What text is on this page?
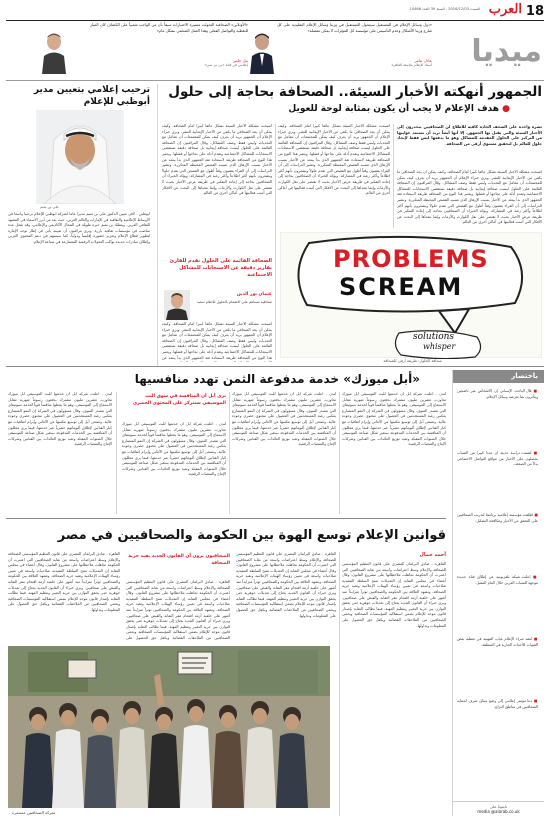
18
العرب
السبت 2016/12/03 - السنة 39 العدد 10466
ميديا
«دول وسائل الإعلام في المستقبل سيتحول المستقبل في وزينا وسائل الإعلام التقليدية على كل شارع وزينا الأشكال وعدم التأسيس على مؤسسة كل المؤثرات لا يمكن مفصلة»
عادل عامر
أستاذ الإعلام بجامعة القاهرة
«الأونلاين» الصحافية التحولت مسيرة الاختبارات سبقاً بأن من الواجب شعبياً على الكشاف كان الميار للتغطية والتواصل الفعلي وهذا العمل الصحفي بشكل عام»
بيل جلبير
إعلامي في قناة «بي بي سي»
الجمهور أنهكته الأخبار السيئة.. الصحافة بحاجة إلى حلول
● هدف الإعلام لا يجب أن يكون بمثابة لوحة للعويل
نشرة واحدة على الصحف الجادة كافية للاطلاع لن الصحافيين ينحدرون إلى الأخبار السيئة والتي يقبل بها الجمهور، إلا أنها أيضاً تريد أن تستمد غوايتها من التركيز على الحلول المقدمة للمشاكل وهو ما يدفعها ليس فقط لإيجاد حلول للعالم بل لتحقيق مستوى أرقى من الصحافة.
أصبحت مشكلة الأخبار السيئة تشكل عائقاً كبيراً أمام الصحافة، وكيف يمكن أن يجد الصحافي ما يكفي من الأخبار الإيجابية للنشر. ويرى خبراء الإعلام أن الجمهور يريد أن يعرف كيف يمكن للمجتمعات أن تتعامل مع التحديات وليس فقط وصف المشاكل. وقال المراقبون إن الصحافة القائمة على الحلول ليست صحافة إيجابية بل صحافة دقيقة تستقصي الاستجابات للمشاكل الاجتماعية وتقدم أدلة على نجاحها أو فشلها. ويعتبر هذا النوع من الصحافة طريقة لاستعادة ثقة الجمهور الذي بدأ يبتعد عن الأخبار بسبب الإرهاق الذي تسببه القصص المحبطة المتكررة. وتشير الدراسات إلى أن القراء يقضون وقتاً أطول مع القصص التي تقدم حلولاً ويشعرون بأنهم أكثر اطلاعاً وأكثر رغبة في المشاركة. ويؤكد الخبراء أن الصحافيين بحاجة إلى إعادة التفكير في طريقة عرض الأخبار بحيث لا تقتصر على نقل الكوارث والأزمات وإنما تتعداها إلى البحث عن الأفكار التي أثبتت فعاليتها في أماكن أخرى من العالم.
أصبحت مشكلة الأخبار السيئة تشكل عائقاً كبيراً أمام الصحافة، وكيف يمكن أن يجد الصحافي ما يكفي من الأخبار الإيجابية للنشر. ويرى خبراء الإعلام أن الجمهور يريد أن يعرف كيف يمكن للمجتمعات أن تتعامل مع التحديات وليس فقط وصف المشاكل. وقال المراقبون إن الصحافة القائمة على الحلول ليست صحافة إيجابية بل صحافة دقيقة تستقصي الاستجابات للمشاكل الاجتماعية وتقدم أدلة على نجاحها أو فشلها. ويعتبر هذا النوع من الصحافة طريقة لاستعادة ثقة الجمهور الذي بدأ يبتعد عن الأخبار بسبب الإرهاق الذي تسببه القصص المحبطة المتكررة. وتشير الدراسات إلى أن القراء يقضون وقتاً أطول مع القصص التي تقدم حلولاً ويشعرون بأنهم أكثر اطلاعاً وأكثر رغبة في المشاركة. ويؤكد الخبراء أن الصحافيين بحاجة إلى إعادة التفكير في طريقة عرض الأخبار بحيث لا تقتصر على نقل الكوارث والأزمات وإنما تتعداها إلى البحث عن الأفكار التي أثبتت فعاليتها في أماكن أخرى من العالم.
أصبحت مشكلة الأخبار السيئة تشكل عائقاً كبيراً أمام الصحافة، وكيف يمكن أن يجد الصحافي ما يكفي من الأخبار الإيجابية للنشر. ويرى خبراء الإعلام أن الجمهور يريد أن يعرف كيف يمكن للمجتمعات أن تتعامل مع التحديات وليس فقط وصف المشاكل. وقال المراقبون إن الصحافة القائمة على الحلول ليست صحافة إيجابية بل صحافة دقيقة تستقصي الاستجابات للمشاكل الاجتماعية وتقدم أدلة على نجاحها أو فشلها. ويعتبر هذا النوع من الصحافة طريقة لاستعادة ثقة الجمهور الذي بدأ يبتعد عن الأخبار بسبب الإرهاق الذي تسببه القصص المحبطة المتكررة. وتشير الدراسات إلى أن القراء يقضون وقتاً أطول مع القصص التي تقدم حلولاً ويشعرون بأنهم أكثر اطلاعاً وأكثر رغبة في المشاركة. ويؤكد الخبراء أن الصحافيين بحاجة إلى إعادة التفكير في طريقة عرض الأخبار بحيث لا تقتصر على نقل الكوارث والأزمات وإنما تتعداها إلى البحث عن الأفكار التي أثبتت فعاليتها في أماكن أخرى من العالم.
PROBLEMS
SCREAM
solutions
whisper
صحافة الحلول: طريقة أرقى للصحافة
الصحافة القائمة على الحلول تقدم للقارئ تقارير دقيقة عن الاستجابات للمشاكل الاجتماعية
عثمان نور الدين
صحافية تستاهم علي الاهتمام بالحلول للاعلام سعيد
أصبحت مشكلة الأخبار السيئة تشكل عائقاً كبيراً أمام الصحافة، وكيف يمكن أن يجد الصحافي ما يكفي من الأخبار الإيجابية للنشر. ويرى خبراء الإعلام أن الجمهور يريد أن يعرف كيف يمكن للمجتمعات أن تتعامل مع التحديات وليس فقط وصف المشاكل. وقال المراقبون إن الصحافة القائمة على الحلول ليست صحافة إيجابية بل صحافة دقيقة تستقصي الاستجابات للمشاكل الاجتماعية وتقدم أدلة على نجاحها أو فشلها. ويعتبر هذا النوع من الصحافة طريقة لاستعادة ثقة الجمهور الذي بدأ يبتعد عن
ترحيب إعلامي بتعيين مدير أبوظبي للإعلام
علي بن تميم
أبوظبي - لاقى تعيين الدكتور علي بن تميم مديراً عاماً لشركة أبوظبي للإعلام ترحيباً واسعاً في الأوساط الإعلامية والثقافية في الإمارات والعالم العربي، حيث يعد من أبرز الأسماء في المشهد الثقافي العربي. ويمتلك بن تميم خبرة طويلة في المجال الأكاديمي والإعلامي، وقد شغل عدة مناصب في مؤسسات ثقافية بارزة. ويرى مراقبون أن تعيينه يأتي في إطار توجه الإمارة لتطوير قطاع الإعلام وتعزيز حضوره إقليمياً ودولياً، كما سيسهم في دعم المحتوى العربي وإطلاق مبادرات جديدة تواكب التحولات الرقمية المتسارعة في صناعة الإعلام.
باختصار
■ قال الباحث الإسباني إن الأشخاص غير ناضجين ويتأثرون بما تعرضه وسائل الإعلام.
■ كشفت دراسة حديثة أن عدداً كبيراً من الشباب يحصلون على الأخبار من مواقع التواصل الاجتماعي بدلاً من الصحف.
■ أطلقت مؤسسة إعلامية برنامجاً لتدريب الصحافيين على التحقق من الأخبار ومكافحة التضليل.
■ أعلنت شبكة تلفزيونية عن إطلاق قناة جديدة موجهة للشباب العربي خلال العام المقبل.
■ انتقد خبراء الإعلام غياب المهنية في تغطية بعض القنوات للأحداث الجارية في المنطقة.
■ دعا مؤتمر إعلامي إلى وضع ميثاق شرف لحماية الصحافيين في مناطق النزاع.
تابعونا على
media @alarab.co.uk
«أبل ميوزك» خدمة مدفوعة الثمن تهدد منافسيها
لندن - أعلنت شركة أبل أن خدمتها للبث الموسيقي أبل ميوزك تجاوزت عشرين مليون مشترك يدفعون رسوماً شهرية مقابل الاستماع إلى الموسيقى، وهو ما يجعلها منافساً قوياً لخدمة سبوتيفاي التي تتصدر السوق. وقال مسؤولون في الشركة إن النمو المتسارع يعكس رغبة المستخدمين في الحصول على محتوى حصري وجودة عالية. وتسعى أبل إلى توسيع مكتبتها من الأغاني وإبرام اتفاقيات مع كبار الفنانين لإطلاق ألبوماتهم حصرياً عبر خدمتها، فيما يرى محللون أن المنافسة بين الخدمات المدفوعة ستغير شكل صناعة الموسيقى خلال السنوات المقبلة وتعيد توزيع العائدات بين الفنانين وشركات الإنتاج والمنصات الرقمية.
لندن - أعلنت شركة أبل أن خدمتها للبث الموسيقي أبل ميوزك تجاوزت عشرين مليون مشترك يدفعون رسوماً شهرية مقابل الاستماع إلى الموسيقى، وهو ما يجعلها منافساً قوياً لخدمة سبوتيفاي التي تتصدر السوق. وقال مسؤولون في الشركة إن النمو المتسارع يعكس رغبة المستخدمين في الحصول على محتوى حصري وجودة عالية. وتسعى أبل إلى توسيع مكتبتها من الأغاني وإبرام اتفاقيات مع كبار الفنانين لإطلاق ألبوماتهم حصرياً عبر خدمتها، فيما يرى محللون أن المنافسة بين الخدمات المدفوعة ستغير شكل صناعة الموسيقى خلال السنوات المقبلة وتعيد توزيع العائدات بين الفنانين وشركات الإنتاج والمنصات الرقمية.
ترى أبل أن المنافسة في سوق البث الموسيقي ستتركز على المحتوى الحصري
لندن - أعلنت شركة أبل أن خدمتها للبث الموسيقي أبل ميوزك تجاوزت عشرين مليون مشترك يدفعون رسوماً شهرية مقابل الاستماع إلى الموسيقى، وهو ما يجعلها منافساً قوياً لخدمة سبوتيفاي التي تتصدر السوق. وقال مسؤولون في الشركة إن النمو المتسارع يعكس رغبة المستخدمين في الحصول على محتوى حصري وجودة عالية. وتسعى أبل إلى توسيع مكتبتها من الأغاني وإبرام اتفاقيات مع كبار الفنانين لإطلاق ألبوماتهم حصرياً عبر خدمتها، فيما يرى محللون أن المنافسة بين الخدمات المدفوعة ستغير شكل صناعة الموسيقى خلال السنوات المقبلة وتعيد توزيع العائدات بين الفنانين وشركات الإنتاج والمنصات الرقمية.
لندن - أعلنت شركة أبل أن خدمتها للبث الموسيقي أبل ميوزك تجاوزت عشرين مليون مشترك يدفعون رسوماً شهرية مقابل الاستماع إلى الموسيقى، وهو ما يجعلها منافساً قوياً لخدمة سبوتيفاي التي تتصدر السوق. وقال مسؤولون في الشركة إن النمو المتسارع يعكس رغبة المستخدمين في الحصول على محتوى حصري وجودة عالية. وتسعى أبل إلى توسيع مكتبتها من الأغاني وإبرام اتفاقيات مع كبار الفنانين لإطلاق ألبوماتهم حصرياً عبر خدمتها، فيما يرى محللون أن المنافسة بين الخدمات المدفوعة ستغير شكل صناعة الموسيقى خلال السنوات المقبلة وتعيد توزيع العائدات بين الفنانين وشركات الإنتاج والمنصات الرقمية.
قوانين الإعلام توسع الهوة بين الحكومة والصحافيين في مصر
أحمد جمال
القاهرة - صادق البرلمان المصري على قانون التنظيم المؤسسي للصحافة والإعلام وسط اعتراضات واسعة من نقابة الصحافيين التي اعتبرت أن الحكومة تجاهلت ملاحظاتها على مشروع القانون. وقال أعضاء في مجلس النقابة إن التعديلات تمنح السلطة التنفيذية صلاحيات واسعة في تعيين رؤساء الهيئات الإعلامية وتقيد حرية الصحافة. وتشهد العلاقة بين الحكومة والصحافيين توتراً متزايداً منذ أشهر على خلفية أزمة اقتحام مقر النقابة والقبض على صحافيين. ويرى خبراء أن القانون الجديد يحتاج إلى تعديلات جوهرية حتى يحقق التوازن بين حرية التعبير وتنظيم المهنة، فيما تطالب النقابة بإصدار قانون موحد للإعلام يضمن استقلالية المؤسسات الصحافية ويحمي الصحافيين من الملاحقات القضائية ويكفل حق الحصول على المعلومات وتداولها.
القاهرة - صادق البرلمان المصري على قانون التنظيم المؤسسي للصحافة والإعلام وسط اعتراضات واسعة من نقابة الصحافيين التي اعتبرت أن الحكومة تجاهلت ملاحظاتها على مشروع القانون. وقال أعضاء في مجلس النقابة إن التعديلات تمنح السلطة التنفيذية صلاحيات واسعة في تعيين رؤساء الهيئات الإعلامية وتقيد حرية الصحافة. وتشهد العلاقة بين الحكومة والصحافيين توتراً متزايداً منذ أشهر على خلفية أزمة اقتحام مقر النقابة والقبض على صحافيين. ويرى خبراء أن القانون الجديد يحتاج إلى تعديلات جوهرية حتى يحقق التوازن بين حرية التعبير وتنظيم المهنة، فيما تطالب النقابة بإصدار قانون موحد للإعلام يضمن استقلالية المؤسسات الصحافية ويحمي الصحافيين من الملاحقات القضائية ويكفل حق الحصول على المعلومات وتداولها.
الصحافيون يرون أن القانون الجديد يقيد حرية الصحافة
القاهرة - صادق البرلمان المصري على قانون التنظيم المؤسسي للصحافة والإعلام وسط اعتراضات واسعة من نقابة الصحافيين التي اعتبرت أن الحكومة تجاهلت ملاحظاتها على مشروع القانون. وقال أعضاء في مجلس النقابة إن التعديلات تمنح السلطة التنفيذية صلاحيات واسعة في تعيين رؤساء الهيئات الإعلامية وتقيد حرية الصحافة. وتشهد العلاقة بين الحكومة والصحافيين توتراً متزايداً منذ أشهر على خلفية أزمة اقتحام مقر النقابة والقبض على صحافيين. ويرى خبراء أن القانون الجديد يحتاج إلى تعديلات جوهرية حتى يحقق التوازن بين حرية التعبير وتنظيم المهنة، فيما تطالب النقابة بإصدار قانون موحد للإعلام يضمن استقلالية المؤسسات الصحافية ويحمي الصحافيين من الملاحقات القضائية ويكفل حق الحصول على
القاهرة - صادق البرلمان المصري على قانون التنظيم المؤسسي للصحافة والإعلام وسط اعتراضات واسعة من نقابة الصحافيين التي اعتبرت أن الحكومة تجاهلت ملاحظاتها على مشروع القانون. وقال أعضاء في مجلس النقابة إن التعديلات تمنح السلطة التنفيذية صلاحيات واسعة في تعيين رؤساء الهيئات الإعلامية وتقيد حرية الصحافة. وتشهد العلاقة بين الحكومة والصحافيين توتراً متزايداً منذ أشهر على خلفية أزمة اقتحام مقر النقابة والقبض على صحافيين. ويرى خبراء أن القانون الجديد يحتاج إلى تعديلات جوهرية حتى يحقق التوازن بين حرية التعبير وتنظيم المهنة، فيما تطالب النقابة بإصدار قانون موحد للإعلام يضمن استقلالية المؤسسات الصحافية ويحمي الصحافيين من الملاحقات القضائية ويكفل حق الحصول على المعلومات وتداولها.
معركة الصحافيين مستمرة
